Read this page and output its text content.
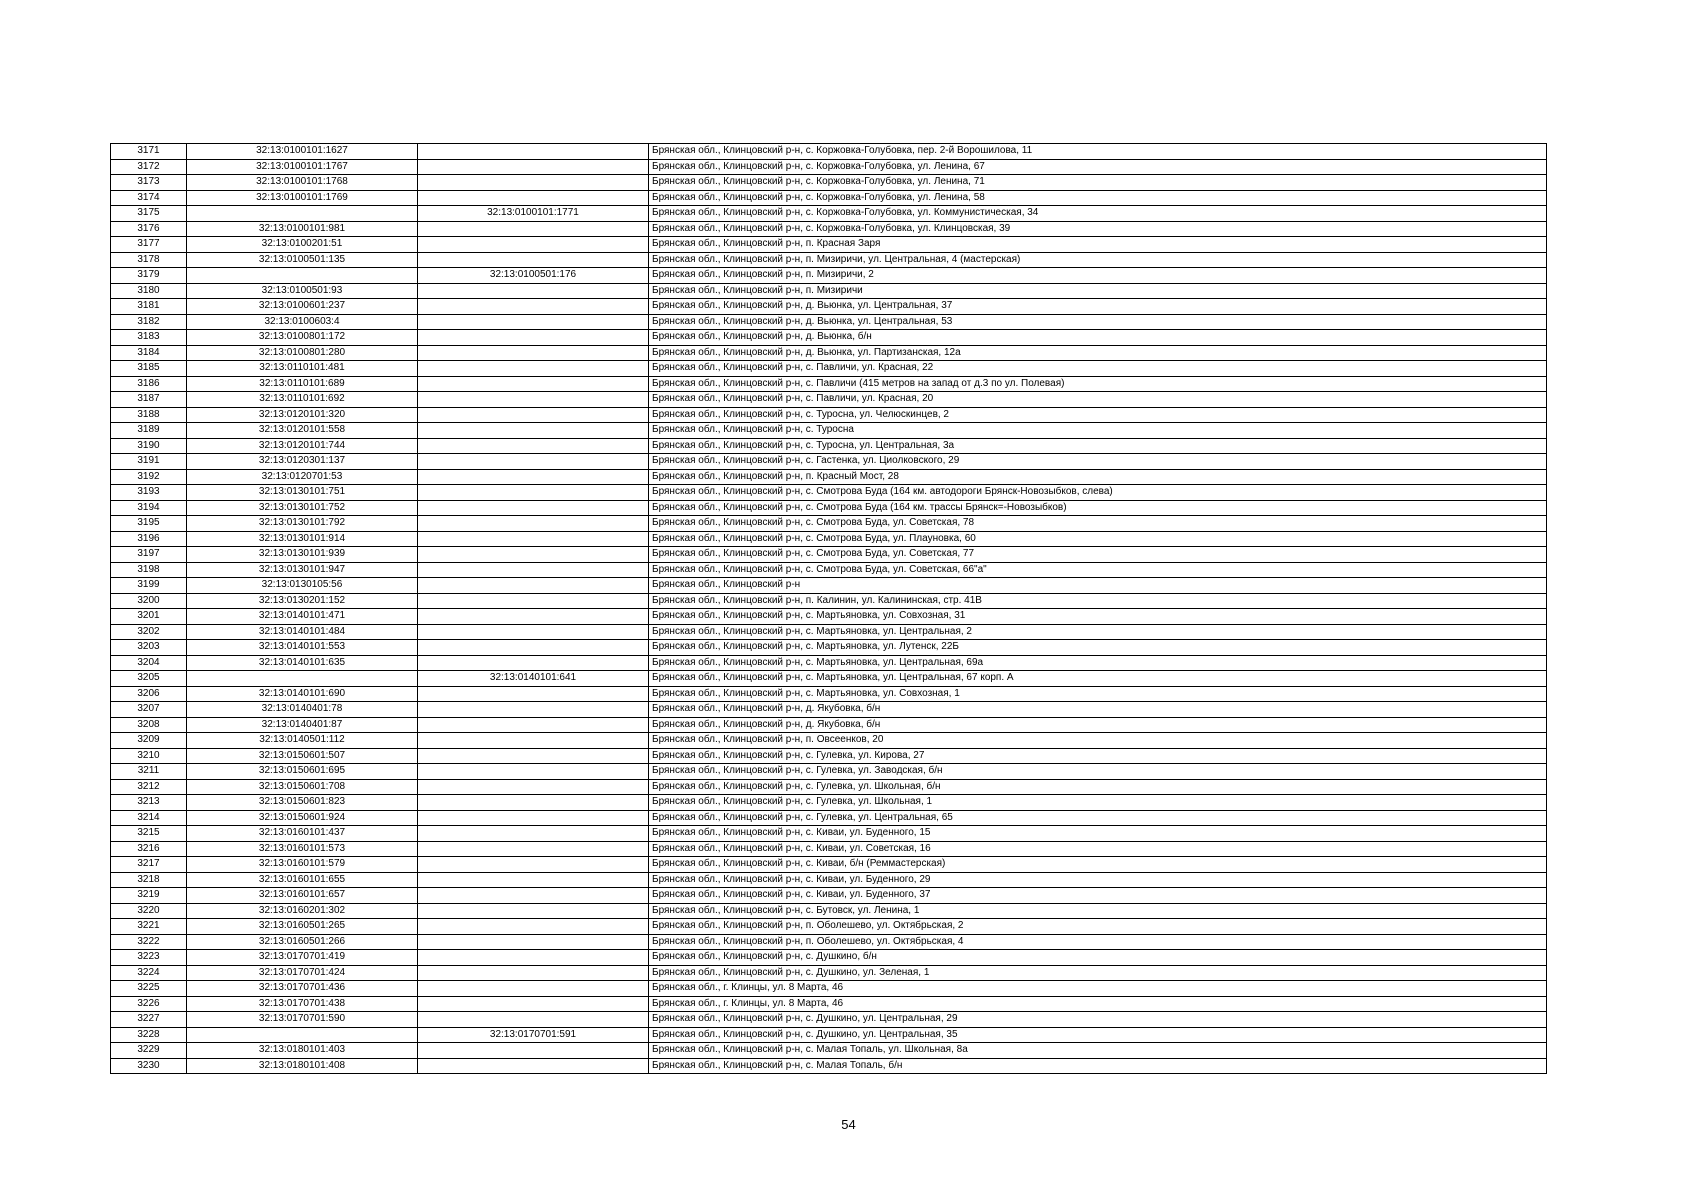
3171	32:13:0100101:1627		Брянская обл., Клинцовский р-н, с. Коржовка-Голубовка, пер. 2-й Ворошилова, 11
3172	32:13:0100101:1767		Брянская обл., Клинцовский р-н, с. Коржовка-Голубовка, ул. Ленина, 67
3173	32:13:0100101:1768		Брянская обл., Клинцовский р-н, с. Коржовка-Голубовка, ул. Ленина, 71
3174	32:13:0100101:1769		Брянская обл., Клинцовский р-н, с. Коржовка-Голубовка, ул. Ленина, 58
3175		32:13:0100101:1771	Брянская обл., Клинцовский р-н, с. Коржовка-Голубовка, ул. Коммунистическая, 34
3176	32:13:0100101:981		Брянская обл., Клинцовский р-н, с. Коржовка-Голубовка, ул. Клинцовская, 39
3177	32:13:0100201:51		Брянская обл., Клинцовский р-н, п. Красная Заря
3178	32:13:0100501:135		Брянская обл., Клинцовский р-н, п. Мизиричи, ул. Центральная, 4 (мастерская)
3179		32:13:0100501:176	Брянская обл., Клинцовский р-н, п. Мизиричи, 2
3180	32:13:0100501:93		Брянская обл., Клинцовский р-н, п. Мизиричи
3181	32:13:0100601:237		Брянская обл., Клинцовский р-н, д. Вьюнка, ул. Центральная, 37
3182	32:13:0100603:4		Брянская обл., Клинцовский р-н, д. Вьюнка, ул. Центральная, 53
3183	32:13:0100801:172		Брянская обл., Клинцовский р-н, д. Вьюнка, б/н
3184	32:13:0100801:280		Брянская обл., Клинцовский р-н, д. Вьюнка, ул. Партизанская, 12а
3185	32:13:0110101:481		Брянская обл., Клинцовский р-н, с. Павличи, ул. Красная, 22
3186	32:13:0110101:689		Брянская обл., Клинцовский р-н, с. Павличи (415 метров на запад от д.3 по ул. Полевая)
3187	32:13:0110101:692		Брянская обл., Клинцовский р-н, с. Павличи, ул. Красная, 20
3188	32:13:0120101:320		Брянская обл., Клинцовский р-н, с. Туросна, ул. Челюскинцев, 2
3189	32:13:0120101:558		Брянская обл., Клинцовский р-н, с. Туросна
3190	32:13:0120101:744		Брянская обл., Клинцовский р-н, с. Туросна, ул. Центральная, 3а
3191	32:13:0120301:137		Брянская обл., Клинцовский р-н, с. Гастенка, ул. Циолковского, 29
3192	32:13:0120701:53		Брянская обл., Клинцовский р-н, п. Красный Мост, 28
3193	32:13:0130101:751		Брянская обл., Клинцовский р-н, с. Смотрова Буда (164 км. автодороги Брянск-Новозыбков, слева)
3194	32:13:0130101:752		Брянская обл., Клинцовский р-н, с. Смотрова Буда (164 км. трассы Брянск=-Новозыбков)
3195	32:13:0130101:792		Брянская обл., Клинцовский р-н, с. Смотрова Буда, ул. Советская, 78
3196	32:13:0130101:914		Брянская обл., Клинцовский р-н, с. Смотрова Буда, ул. Плауновка, 60
3197	32:13:0130101:939		Брянская обл., Клинцовский р-н, с. Смотрова Буда, ул. Советская, 77
3198	32:13:0130101:947		Брянская обл., Клинцовский р-н, с. Смотрова Буда, ул. Советская, 66"а"
3199	32:13:0130105:56		Брянская обл., Клинцовский р-н
3200	32:13:0130201:152		Брянская обл., Клинцовский р-н, п. Калинин, ул. Калининская, стр. 41В
3201	32:13:0140101:471		Брянская обл., Клинцовский р-н, с. Мартьяновка, ул. Совхозная, 31
3202	32:13:0140101:484		Брянская обл., Клинцовский р-н, с. Мартьяновка, ул. Центральная, 2
3203	32:13:0140101:553		Брянская обл., Клинцовский р-н, с. Мартьяновка, ул. Лутенск, 22Б
3204	32:13:0140101:635		Брянская обл., Клинцовский р-н, с. Мартьяновка, ул. Центральная, 69а
3205		32:13:0140101:641	Брянская обл., Клинцовский р-н, с. Мартьяновка, ул. Центральная, 67 корп. А
3206	32:13:0140101:690		Брянская обл., Клинцовский р-н, с. Мартьяновка, ул. Совхозная, 1
3207	32:13:0140401:78		Брянская обл., Клинцовский р-н, д. Якубовка, б/н
3208	32:13:0140401:87		Брянская обл., Клинцовский р-н, д. Якубовка, б/н
3209	32:13:0140501:112		Брянская обл., Клинцовский р-н, п. Овсеенков, 20
3210	32:13:0150601:507		Брянская обл., Клинцовский р-н, с. Гулевка, ул. Кирова, 27
3211	32:13:0150601:695		Брянская обл., Клинцовский р-н, с. Гулевка, ул. Заводская, б/н
3212	32:13:0150601:708		Брянская обл., Клинцовский р-н, с. Гулевка, ул. Школьная, б/н
3213	32:13:0150601:823		Брянская обл., Клинцовский р-н, с. Гулевка, ул. Школьная, 1
3214	32:13:0150601:924		Брянская обл., Клинцовский р-н, с. Гулевка, ул. Центральная, 65
3215	32:13:0160101:437		Брянская обл., Клинцовский р-н, с. Киваи, ул. Буденного, 15
3216	32:13:0160101:573		Брянская обл., Клинцовский р-н, с. Киваи, ул. Советская, 16
3217	32:13:0160101:579		Брянская обл., Клинцовский р-н, с. Киваи, б/н (Реммастерская)
3218	32:13:0160101:655		Брянская обл., Клинцовский р-н, с. Киваи, ул. Буденного, 29
3219	32:13:0160101:657		Брянская обл., Клинцовский р-н, с. Киваи, ул. Буденного, 37
3220	32:13:0160201:302		Брянская обл., Клинцовский р-н, с. Бутовск, ул. Ленина, 1
3221	32:13:0160501:265		Брянская обл., Клинцовский р-н, п. Оболешево, ул. Октябрьская, 2
3222	32:13:0160501:266		Брянская обл., Клинцовский р-н, п. Оболешево, ул. Октябрьская, 4
3223	32:13:0170701:419		Брянская обл., Клинцовский р-н, с. Душкино, б/н
3224	32:13:0170701:424		Брянская обл., Клинцовский р-н, с. Душкино, ул. Зеленая, 1
3225	32:13:0170701:436		Брянская обл., г. Клинцы, ул. 8 Марта, 46
3226	32:13:0170701:438		Брянская обл., г. Клинцы, ул. 8 Марта, 46
3227	32:13:0170701:590		Брянская обл., Клинцовский р-н, с. Душкино, ул. Центральная, 29
3228		32:13:0170701:591	Брянская обл., Клинцовский р-н, с. Душкино, ул. Центральная, 35
3229	32:13:0180101:403		Брянская обл., Клинцовский р-н, с. Малая Топаль, ул. Школьная, 8а
3230	32:13:0180101:408		Брянская обл., Клинцовский р-н, с. Малая Топаль, б/н
54
